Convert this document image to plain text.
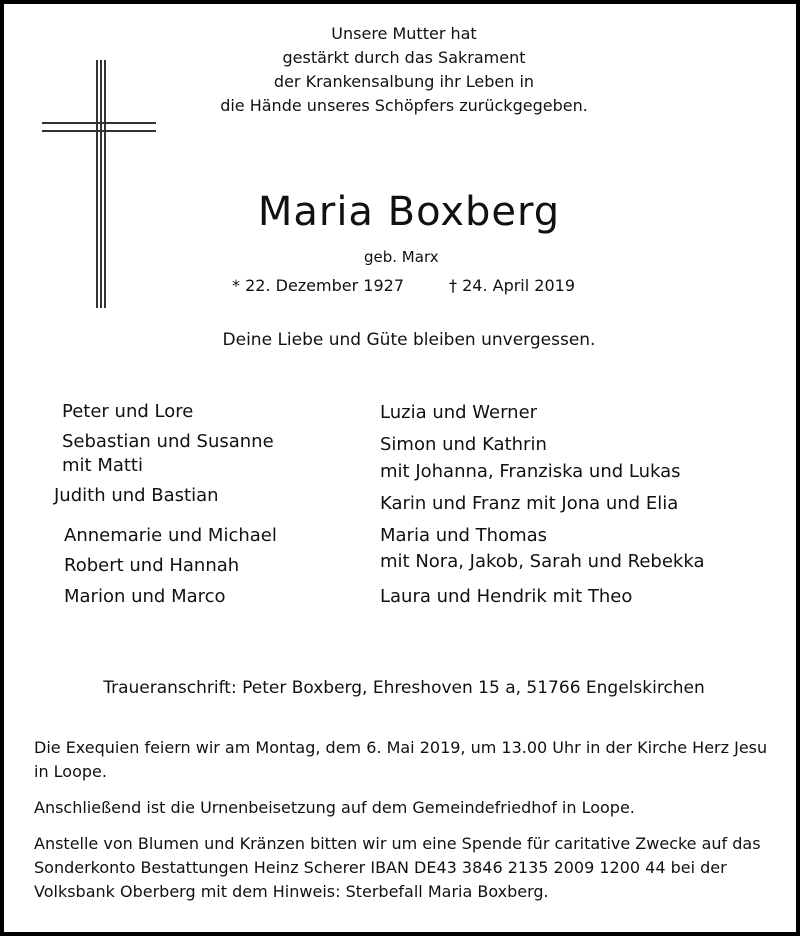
Unsere Mutter hat
gestärkt durch das Sakrament
der Krankensalbung ihr Leben in
die Hände unseres Schöpfers zurückgegeben.
Maria Boxberg
geb. Marx
* 22. Dezember 1927	† 24. April 2019
Deine Liebe und Güte bleiben unvergessen.
Peter und Lore
Sebastian und Susanne
mit Matti
Judith und Bastian
Annemarie und Michael
Robert und Hannah
Marion und Marco
Luzia und Werner
Simon und Kathrin
mit Johanna, Franziska und Lukas
Karin und Franz mit Jona und Elia
Maria und Thomas
mit Nora, Jakob, Sarah und Rebekka
Laura und Hendrik mit Theo
Traueranschrift: Peter Boxberg, Ehreshoven 15 a, 51766 Engelskirchen
Die Exequien feiern wir am Montag, dem 6. Mai 2019, um 13.00 Uhr in der Kirche Herz Jesu in Loope.
Anschließend ist die Urnenbeisetzung auf dem Gemeindefriedhof in Loope.
Anstelle von Blumen und Kränzen bitten wir um eine Spende für caritative Zwecke auf das Sonderkonto Bestattungen Heinz Scherer IBAN DE43 3846 2135 2009 1200 44 bei der Volksbank Oberberg mit dem Hinweis: Sterbefall Maria Boxberg.
